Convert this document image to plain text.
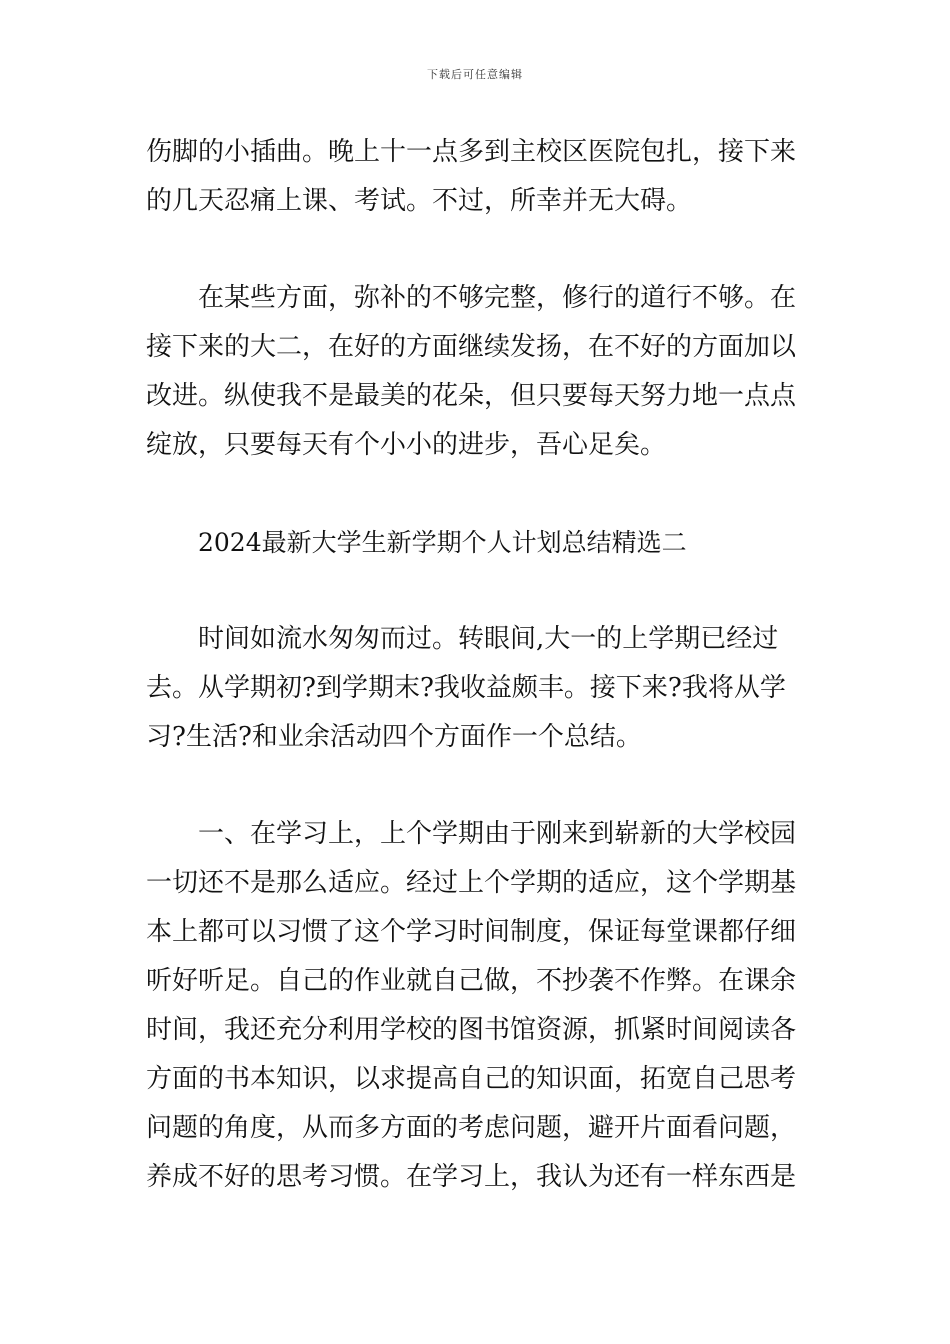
下载后可任意编辑

伤脚的小插曲。晚上十一点多到主校区医院包扎，接下来的几天忍痛上课、考试。不过，所幸并无大碍。

在某些方面，弥补的不够完整，修行的道行不够。在接下来的大二，在好的方面继续发扬，在不好的方面加以改进。纵使我不是最美的花朵，但只要每天努力地一点点绽放，只要每天有个小小的进步，吾心足矣。

2024最新大学生新学期个人计划总结精选二

时间如流水匆匆而过。转眼间,大一的上学期已经过去。从学期初?到学期末?我收益颇丰。接下来?我将从学习?生活?和业余活动四个方面作一个总结。

一、在学习上，上个学期由于刚来到崭新的大学校园一切还不是那么适应。经过上个学期的适应，这个学期基本上都可以习惯了这个学习时间制度，保证每堂课都仔细听好听足。自己的作业就自己做，不抄袭不作弊。在课余时间，我还充分利用学校的图书馆资源，抓紧时间阅读各方面的书本知识，以求提高自己的知识面，拓宽自己思考问题的角度，从而多方面的考虑问题，避开片面看问题，养成不好的思考习惯。在学习上，我认为还有一样东西是
